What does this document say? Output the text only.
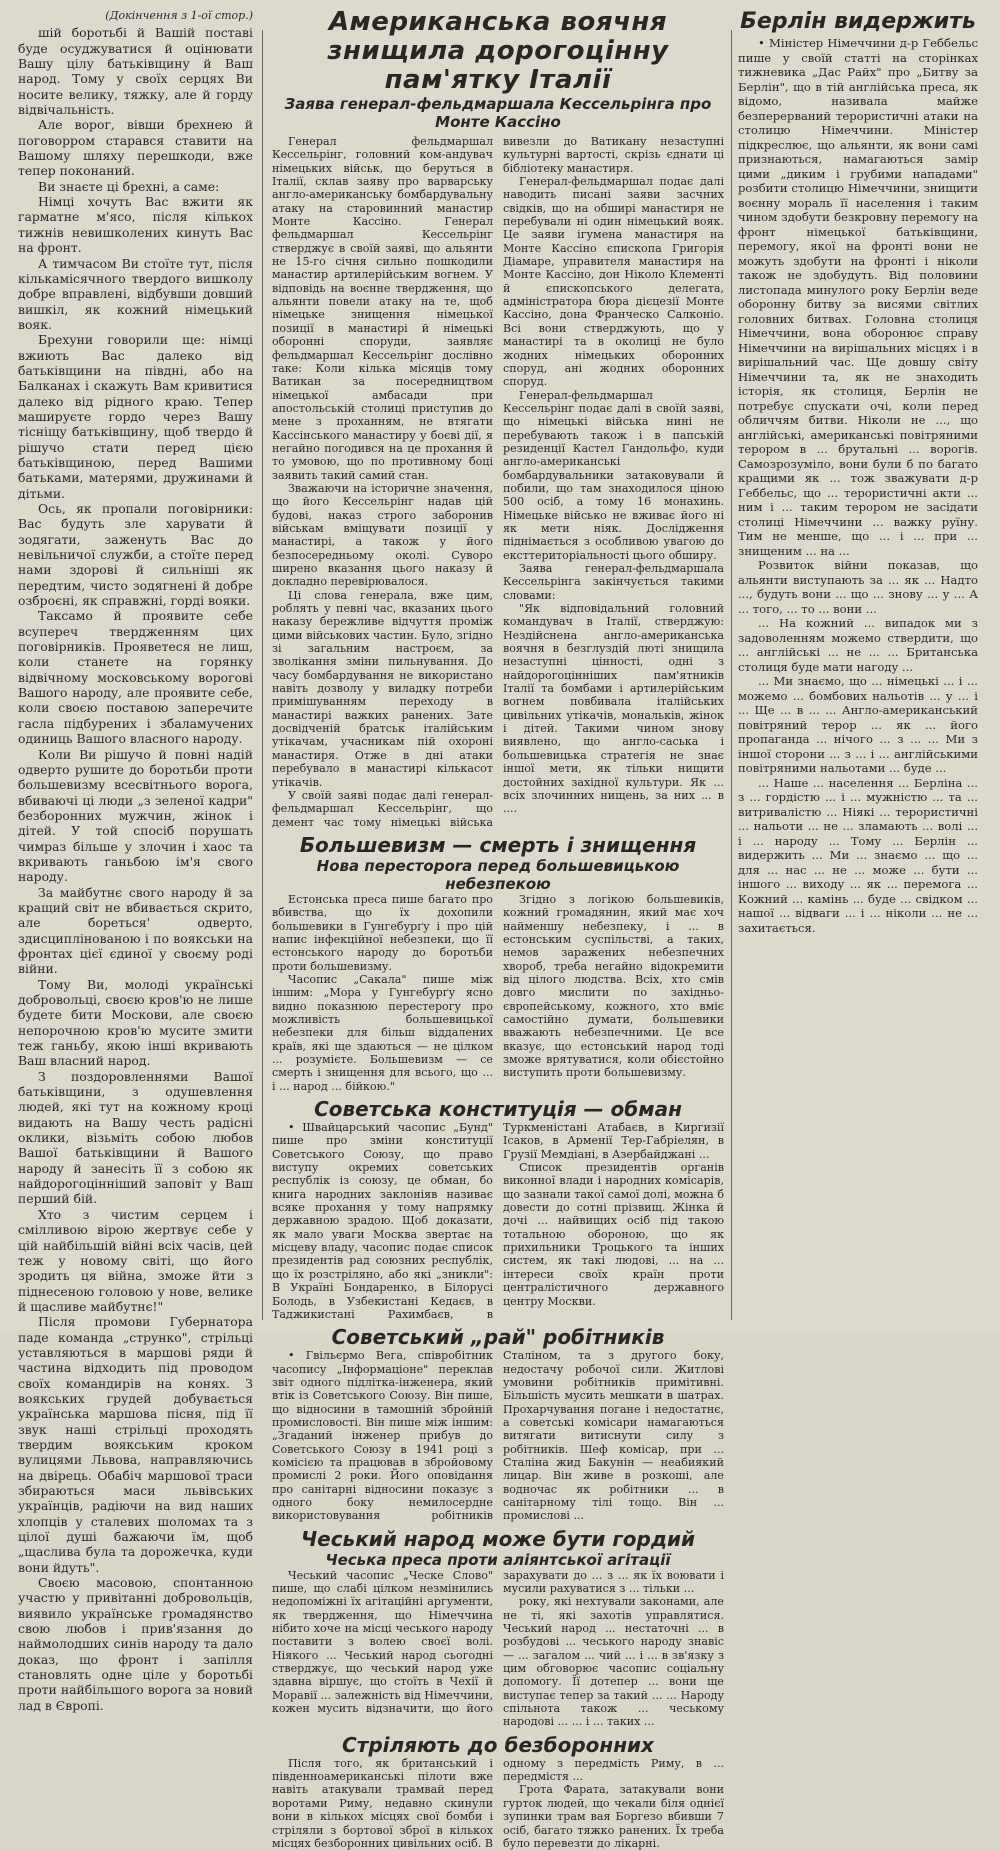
(Докінчення з 1-ої стор.)

шій боротьбі й Вашій поставі буде осуджуватися й оцінювати Вашу цілу батьківщину й Ваш народ. Тому у своїх серцях Ви носите велику, тяжку, але й горду відвічальність.

Але ворог, вівши брехнею й поговорром старався ставити на Вашому шляху перешкоди, вже тепер поконаний.

Ви знаєте ці брехні, а саме:

Німці хочуть Вас вжити як гарматне м'ясо, після кількох тижнів невишколених кинуть Вас на фронт.

А тимчасом Ви стоїте тут, після кількамісячного твердого вишколу добре вправлені, відбувши довший вишкіл, як кожний німецький вояк.

Брехуни говорили ще: німці вжиють Вас далеко від батьківщини на півдні, або на Балканах і скажуть Вам кривитися далеко від рідного краю. Тепер машируєте гордо через Вашу тісніщу батьківщину, щоб твердо й рішучо стати перед цією батьківщиною, перед Вашими батьками, матерями, дружинами й дітьми.

Ось, як пропали поговірники: Вас будуть зле харувати й зодягати, заженуть Вас до невільничої служби, а стоїте перед нами здорові й сильніші як передтим, чисто зодягнені й добре озброєні, як справжні, горді вояки.

Таксамо й проявите себе всупереч твердженням цих поговірників. Прояветеся не лиш, коли станете на горянку відвічному московському ворогові Вашого народу, але проявите себе, коли своєю поставою заперечите гасла підбурених і збаламучених одиниць Вашого власного народу.

Коли Ви рішучо й повні надій одверто рушите до боротьби проти большевизму всесвітнього ворога, вбиваючі ці люди „з зеленої кадри" безборонних мужчин, жінок і дітей. У той спосіб порушать чимраз більше у злочин і хаос та вкривають ганьбою ім'я свого народу.

За майбутнє свого народу й за кращий світ не вбивається скрито, але бореться' одверто, здисциплінованою і по воякськи на фронтах цієї єдиної у своєму роді війни.

Тому Ви, молоді українські добровольці, своєю кров'ю не лише будете бити Москови, але своєю непорочною кров'ю мусите змити теж ганьбу, якою інші вкривають Ваш власний народ.

З поздоровленнями Вашої батьківщини, з одушевлення людей, які тут на кожному кроці видають на Вашу честь радісні оклики, візьміть собою любов Вашої батьківщини й Вашого народу й занесіть її з собою як найдорогоцінніший заповіт у Ваш перший бій.

Хто з чистим серцем і смілливою вірою жертвує себе у цій найбільшій війні всіх часів, цей теж у новому світі, що його зродить ця війна, зможе йти з піднесеною головою у нове, велике й щасливе майбутнє!"

Після промови Губернатора паде команда „струнко", стрільці уставляються в маршові ряди й частина відходить під проводом своїх командирів на конях. З воякських грудей добувається українська маршова пісня, під її звук наші стрільці проходять твердим воякським кроком вулицями Львова, направляючись на двірець. Обабіч маршової траси збираються маси львівських українців, радіючи на вид наших хлопців у сталевих шоломах та з цілої душі бажаючи їм, щоб „щаслива була та дорожечка, куди вони йдуть".

Своєю масовою, спонтанною участю у привітанні добровольців, виявило українське громадянство свою любов і прив'язання до наймолодших синів народу та дало доказ, що фронт і запілля становлять одне ціле у боротьбі проти найбільшого ворога за новий лад в Європі.

Американська воячня знищила дорогоцінну пам'ятку Італії
Заява генерал-фельдмаршала Кессельрінга про Монте Кассіно

Генерал фельдмаршал Кессельрінг, головний ком-андувач німецьких військ, що беруться в Італії, склав заяву про варварську англо-американську бомбардувальну атаку на старовинний манастир Монте Кассіно. Генерал фельдмаршал Кессельрінг стверджує в своїй заяві, що альянти не 15-го січня сильно пошкодили манастир артилерійським вогнем. У відповідь на воєнне твердження, що альянти повели атаку на те, щоб німецьке знищення німецької позиції в манастирі й німецькі оборонні споруди, заявляє фельдмаршал Кессельрінг дослівно таке: Коли кілька місяців тому Ватикан за посередництвом німецької амбасади при апостольській столиці приступив до мене з проханням, не втягати Кассінського манастиру у боєві дії, я негайно погодився на це прохання й то умовою, що по противному боці заявить такий самий стан.

Зважаючи на історичне значення, що його Кессельрінг надав цій будові, наказ строго заборонив військам вміщувати позиції у манастирі, а також у його безпосередньому околі. Суворо ширено вказання цього наказу й докладно перевірювалося.

Ці слова генерала, вже цим, роблять у певні час, вказаних цього наказу бережливе відчуття проміж цими військових частин. Було, згідно зі загальним настроєм, за зволікання зміни пильнування. До часу бомбардування не використано навіть дозволу у виладку потреби примішуванням переходу в манастирі важких ранених. Зате досвідченій братськ італійським утікачам, учасникам пій охороні манастиря. Отже в дні атаки перебувало в манастирі кількасот утікачів.

У своїй заяві подає далі генерал-фельдмаршал Кессельрінг, що демент час тому німецькі війська вивезли до Ватикану незаступні культурні вартості, скрізь єднати ці бібліотеку манастиря.

Генерал-фельдмаршал подає далі наводить писані заяви засчних свідків, що на обширі манастиря не перебували ні один німецький вояк. Це заяви ігумена манастиря на Монте Кассіно єпископа Григорія Діамаре, управителя манастиря на Монте Кассіно, дон Ніколо Клементі й єпископського делегата, адміністратора бюра дієцезії Монте Кассіно, дона Франческо Салконіо. Всі вони стверджують, що у манастирі та в околиці не було жодних німецьких оборонних споруд, ані жодних оборонних споруд.

Генерал-фельдмаршал Кессельрінг подає далі в своїй заяві, що німецькі війська нині не перебувають також і в папській резиденції Кастел Гандольфо, куди англо-американські бомбардувальники затаковували й побили, що там знаходилося ціною 500 осіб, а тому 16 монахинь. Німецьке військо не вживає його ні як мети ніяк. Дослідження піднімається з особливою увагою до ексттериторіальності цього обширу.

Заява генерал-фельдмаршала Кессельрінга закінчується такими словами:

"Як відповідальний головний командувач в Італії, стверджую: Нездійснена англо-американська воячня в безглуздій люті знищила незаступні цінності, одні з найдорогоцінніших пам'ятників Італії та бомбами і артилерійським вогнем повбивала італійських цивільних утікачів, мональків, жінок і дітей. Такими чином знову виявлено, що англо-саська і большевицька стратегія не знає іншої мети, як тільки нищити достойних західної культури. Як ... всіх злочинних нищень, за них ... в ....

Большевизм — смерть і знищення
Нова перестороrа перед большевицькою небезпекою

Естонська преса пише багато про вбивства, що їх дохопили большевики в Гунгебурґу і про цій напис інфекційної небезпеки, що її естонського народу до боротьби проти большевизму.

Часопис „Сакала" пише між іншим: „Мора у Гунгебурґу ясно видно показнюю перестерогу про можливість большевицької небезпеки для більш віддалених країв, які ще здаються — не цілком ... розумієте. Большевизм — се смерть і знищення для всього, що ... і ... народ ... бійкою."

Згідно з логікою большевиків, кожний громадянин, який має хоч найменшу небезпеку, і ... в естонським суспільстві, а таких, немов заражених небезпечних хвороб, треба негайно відокремити від цілого людства. Всіх, хто смів довго мислити по західньо-європейському, кожного, хто вміє самостійно думати, большевики вважають небезпечними. Це все вказує, що естонський народ тоді зможе врятуватися, коли обієстойно виступить проти большевизму.

Советська конституція — обман

• Швайцарський часопис „Бунд" пише про зміни конституції Советського Союзу, що право виступу окремих советських республік із союзу, це обман, бо книга народних заклоніяв називає всяке прохання у тому напрямку державною зрадою. Щоб доказати, як мало уваги Москва звертає на місцеву владу, часопис подає список президентів рад союзних республік, що їх розстріляно, або які „зникли": В Україні Бондаренко, в Білорусі Болодь, в Узбекистані Кедаєв, в Таджикистані Рахимбаєв, в Туркменістані Атабаєв, в Киргизії Ісаков, в Арменії Тер-Габріелян, в Грузії Мемдіані, в Азербайджані ...

Список президентів органів виконної влади і народних комісарів, що зазнали такої самої долі, можна б довести до сотні прізвищ. Жінка й дочі ... найвищих осіб під такою тотальною обороною, що як прихильники Троцького та інших систем, як такі людові, ... на ... інтереси своїх країн проти централістичного державного центру Москви.

Советський „рай" робітників

• Гвільєрмо Вега, співробітник часопису „Інформаціоне" переклав звіт одного підлітка-інженера, який втік із Советського Союзу. Він пише, що відносини в тамошній збройній промисловості. Він пише між іншим: „Згаданий інженер прибув до Советського Союзу в 1941 році з комісією та працював в збройовому промислі 2 роки. Його оповідання про санітарні відносини показує з одного боку немилосердне використовування робітників Сталіном, та з другого боку, недостачу робочої сили. Житлові умовини робітників примітивні. Більшість мусить мешкати в шатрах. Прохарчування погане і недостатнє, а советські комісари намагаються витягати витиснути силу з робітників. Шеф комісар, при ... Сталіна жид Бакунін — неабиякий лицар. Він живе в розкоші, але водночас як робітники ... в санітарному тілі тощо. Він ... промислові ...

Чеський народ може бути гордий
Чеська преса проти аліянтської агітації

Чеський часопис „Ческе Слово" пише, що слабі цілком незмінились недопоміжні їх агітаційні аргументи, як твердження, що Німеччина нібито хоче на місці чеського народу поставити з волею своєї волі. Ніякого ... Чеський народ сьогодні стверджує, що чеський народ уже здавна віршує, що стоїть в Чехії й Моравії ... залежність від Німеччини, кожен мусить відзначити, що його зарахувати до ... з ... як їх воювати і мусили рахуватися з ... тільки ...

року, які нехтували законами, але не ті, які захотів управлятися. Чеський народ ... нестаточні ... в розбудові ... чеського народу знавіс — ... загалом ... чий ... і ... в зв'язку з цим обговорює часопис соціальну допомогу. Її дотепер ... вони ще виступає тепер за такий ... ... Народу спільнота також ... чеському народові ... ... і ... таких ...

Стріляють до безборонних

Після того, як британський і південноамериканські пілоти вже навіть атакували трамвай перед воротами Риму, недавно скинули вони в кількох місцях свої бомби і стріляли з бортової зброї в кількох місцях безборонних цивільних осіб. В одному з передмість Риму, в ... передмістя ...

Грота Фарата, затакували вони гурток людей, що чекали біля однієї зупинки трам вая Боргезо вбивши 7 осіб, багато тяжко ранених. Їх треба було перевезти до лікарні.

Берлін видержить

• Міністер Німеччини д-р Геббельс пише у своїй статті на сторінках тижневика „Дас Райх" про „Битву за Берлін", що в тій англійська преса, як відомо, називала майже безперерваний терористичні атаки на столицю Німеччини. Міністер підкреслює, що альянти, як вони самі признаються, намагаються замір цими „диким і грубими нападами" розбити столицю Німеччини, знищити воєнну мораль її населення і таким чином здобути безкровну перемогу на фронт німецької батьківщини, перемогу, якої на фронті вони не можуть здобути на фронті і ніколи також не здобудуть. Від половини листопада минулого року Берлін веде оборонну битву за висями світлих головних битвах. Головна столиця Німеччини, вона оборонює справу Німеччини на вирішальних місцях і в вирішальний час. Ще довшу світу Німеччини та, як не знаходить історія, як столиця, Берлін не потребує спускати очі, коли перед обличчям битви. Ніколи не ..., що англійські, американські повітряними терором в ... брутальні ... ворогів. Самозрозуміло, вони були б по багато кращими як ... тож зважувати д-р Геббельс, що ... терористичні акти ... ним і ... таким терором не засідати столиці Німеччини ... важку руїну. Тим не менше, що ... і ... при ... знищеним ... на ...

Розвиток війни показав, що альянти виступають за ... як ... Надто ..., будуть вони ... що ... знову ... у ... А ... того, ... то ... вони ...

... На кожний ... випадок ми з задоволенням можемо ствердити, що ... англійські ... не ... ... Британська столиця буде мати нагоду ...

... Ми знаємо, що ... німецькі ... і ... можемо ... бомбових нальотів ... у ... і ... Ще ... в ... ... Англо-американський повітряний терор ... як ... його пропаганда ... нічого ... з ... ... Ми з іншої сторони ... з ... і ... англійськими повітряними нальотами ... буде ...

... Наше ... населення ... Берліна ... з ... гордістю ... і ... мужністю ... та ... витривалістю ... Ніякі ... терористичні ... нальоти ... не ... зламають ... волі ... і ... народу ... Тому ... Берлін ... видержить ... Ми ... знаємо ... що ... для ... нас ... не ... може ... бути ... іншого ... виходу ... як ... перемога ... Кожний ... камінь ... буде ... свідком ... нашої ... відваги ... і ... ніколи ... не ... захитається.
